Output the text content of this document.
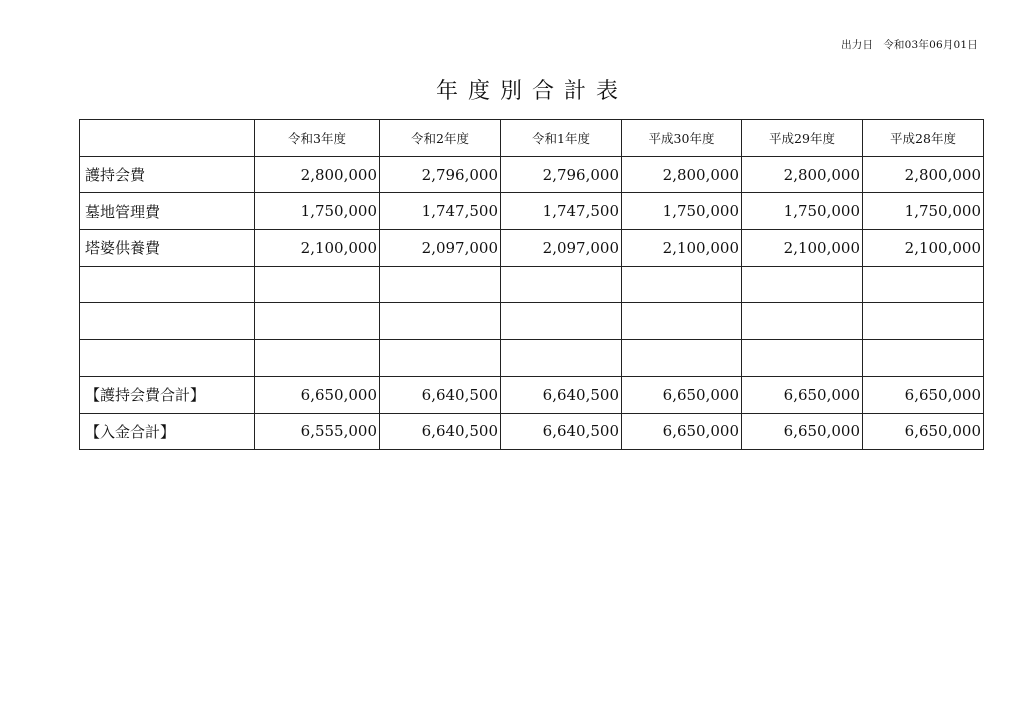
出力日 令和03年06月01日
年度別合計表
	令和3年度	令和2年度	令和1年度	平成30年度	平成29年度	平成28年度
護持会費	2,800,000	2,796,000	2,796,000	2,800,000	2,800,000	2,800,000
墓地管理費	1,750,000	1,747,500	1,747,500	1,750,000	1,750,000	1,750,000
塔婆供養費	2,100,000	2,097,000	2,097,000	2,100,000	2,100,000	2,100,000

【護持会費合計】	6,650,000	6,640,500	6,640,500	6,650,000	6,650,000	6,650,000
【入金合計】	6,555,000	6,640,500	6,640,500	6,650,000	6,650,000	6,650,000
